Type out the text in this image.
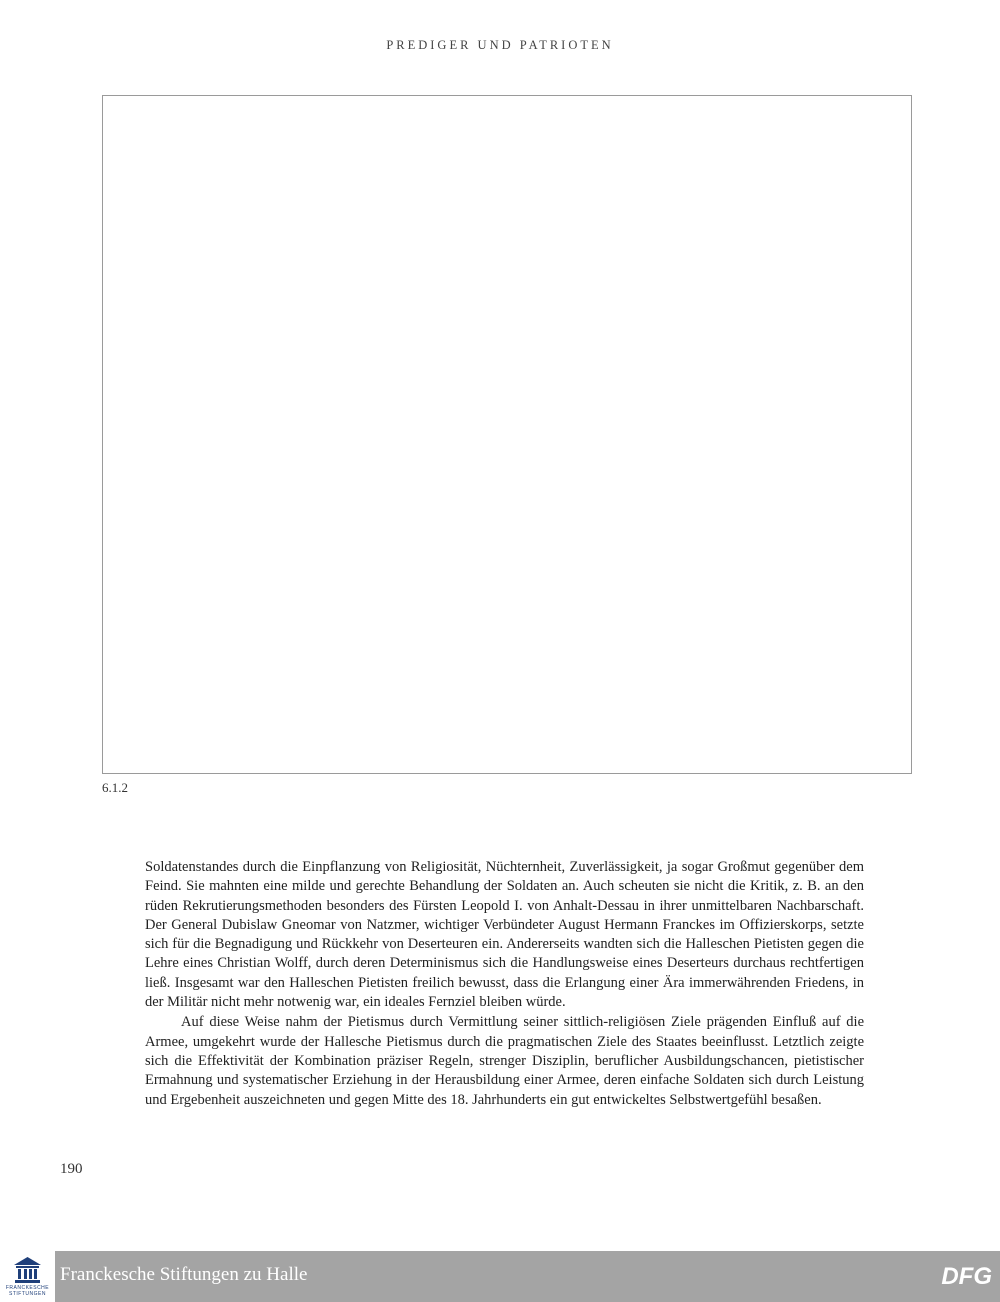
PREDIGER UND PATRIOTEN
6.1.2

Soldatenstandes durch die Einpflanzung von Religiosität, Nüchternheit, Zuverlässigkeit, ja sogar Großmut gegenüber dem Feind. Sie mahnten eine milde und gerechte Behandlung der Soldaten an. Auch scheuten sie nicht die Kritik, z. B. an den rüden Rekrutierungsmethoden besonders des Fürsten Leopold I. von Anhalt-Dessau in ihrer unmittelbaren Nachbarschaft. Der General Dubislaw Gneomar von Natzmer, wichtiger Verbündeter August Hermann Franckes im Offizierskorps, setzte sich für die Begnadigung und Rückkehr von Deserteuren ein. Andererseits wandten sich die Halleschen Pietisten gegen die Lehre eines Christian Wolff, durch deren Determinismus sich die Handlungsweise eines Deserteurs durchaus rechtfertigen ließ. Insgesamt war den Halleschen Pietisten freilich bewusst, dass die Erlangung einer Ära immerwährenden Friedens, in der Militär nicht mehr notwenig war, ein ideales Fernziel bleiben würde.

Auf diese Weise nahm der Pietismus durch Vermittlung seiner sittlich-religiösen Ziele prägenden Einfluß auf die Armee, umgekehrt wurde der Hallesche Pietismus durch die pragmatischen Ziele des Staates beeinflusst. Letztlich zeigte sich die Effektivität der Kombination präziser Regeln, strenger Disziplin, beruflicher Ausbildungschancen, pietistischer Ermahnung und systematischer Erziehung in der Herausbildung einer Armee, deren einfache Soldaten sich durch Leistung und Ergebenheit auszeichneten und gegen Mitte des 18. Jahrhunderts ein gut entwickeltes Selbstwertgefühl besaßen.

190
FRANCKESCHE
STIFTUNGEN
Franckesche Stiftungen zu Halle	DFG
